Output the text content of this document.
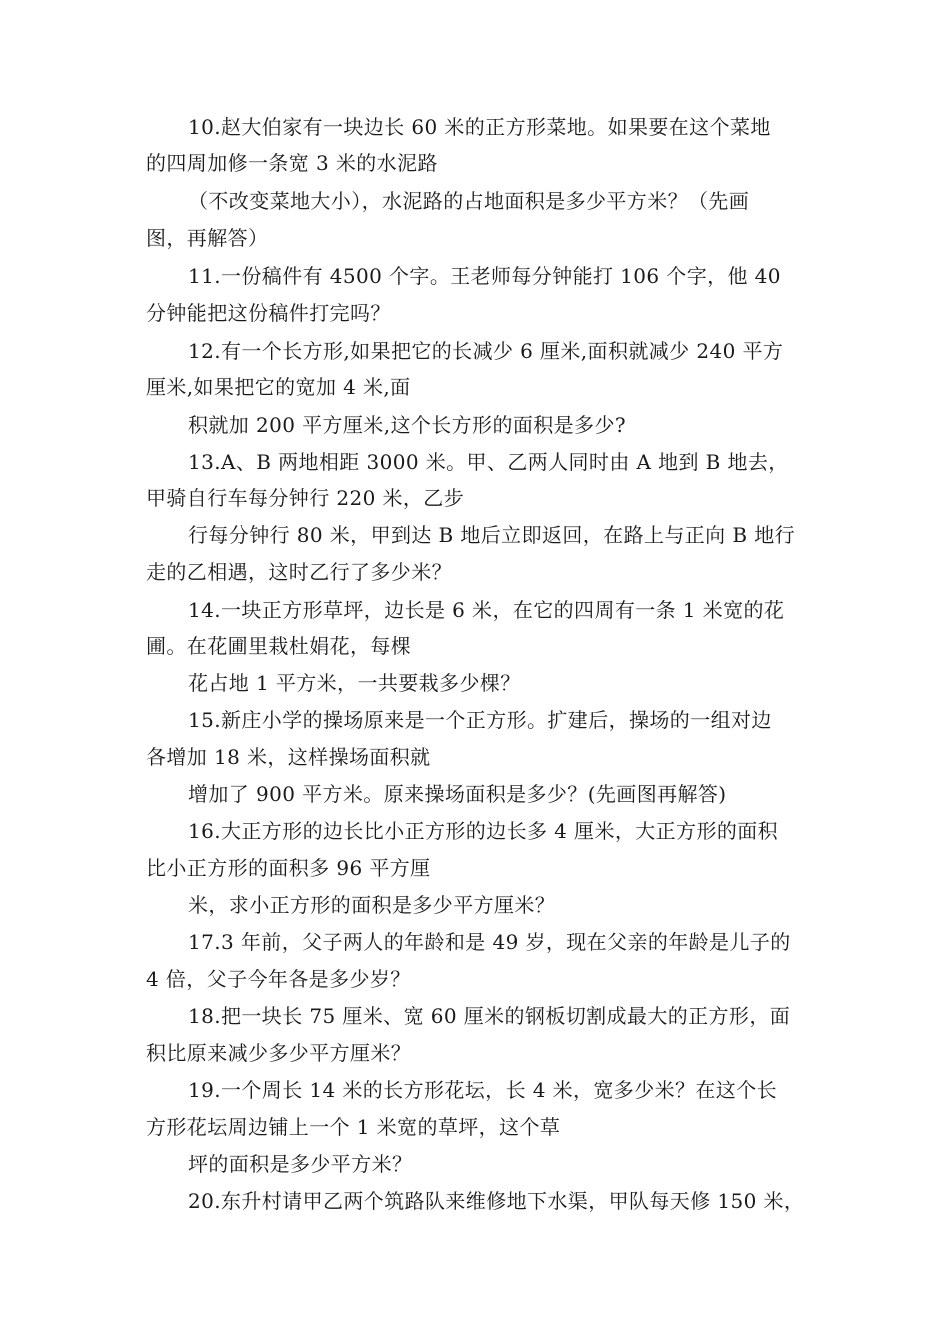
10.赵大伯家有一块边长 60 米的正方形菜地。如果要在这个菜地
的四周加修一条宽 3 米的水泥路
（不改变菜地大小），水泥路的占地面积是多少平方米？（先画
图，再解答）
11.一份稿件有 4500 个字。王老师每分钟能打 106 个字，他 40
分钟能把这份稿件打完吗？
12.有一个长方形,如果把它的长减少 6 厘米,面积就减少 240 平方
厘米,如果把它的宽加 4 米,面
积就加 200 平方厘米,这个长方形的面积是多少?
13.A、B 两地相距 3000 米。甲、乙两人同时由 A 地到 B 地去，
甲骑自行车每分钟行 220 米，乙步
行每分钟行 80 米，甲到达 B 地后立即返回，在路上与正向 B 地行
走的乙相遇，这时乙行了多少米？
14.一块正方形草坪，边长是 6 米，在它的四周有一条 1 米宽的花
圃。在花圃里栽杜娟花，每棵
花占地 1 平方米，一共要栽多少棵？
15.新庄小学的操场原来是一个正方形。扩建后，操场的一组对边
各增加 18 米，这样操场面积就
增加了 900 平方米。原来操场面积是多少？(先画图再解答)
16.大正方形的边长比小正方形的边长多 4 厘米，大正方形的面积
比小正方形的面积多 96 平方厘
米，求小正方形的面积是多少平方厘米？
17.3 年前，父子两人的年龄和是 49 岁，现在父亲的年龄是儿子的
4 倍，父子今年各是多少岁？
18.把一块长 75 厘米、宽 60 厘米的钢板切割成最大的正方形，面
积比原来减少多少平方厘米？
19.一个周长 14 米的长方形花坛，长 4 米，宽多少米？在这个长
方形花坛周边铺上一个 1 米宽的草坪，这个草
坪的面积是多少平方米？
20.东升村请甲乙两个筑路队来维修地下水渠，甲队每天修 150 米，
